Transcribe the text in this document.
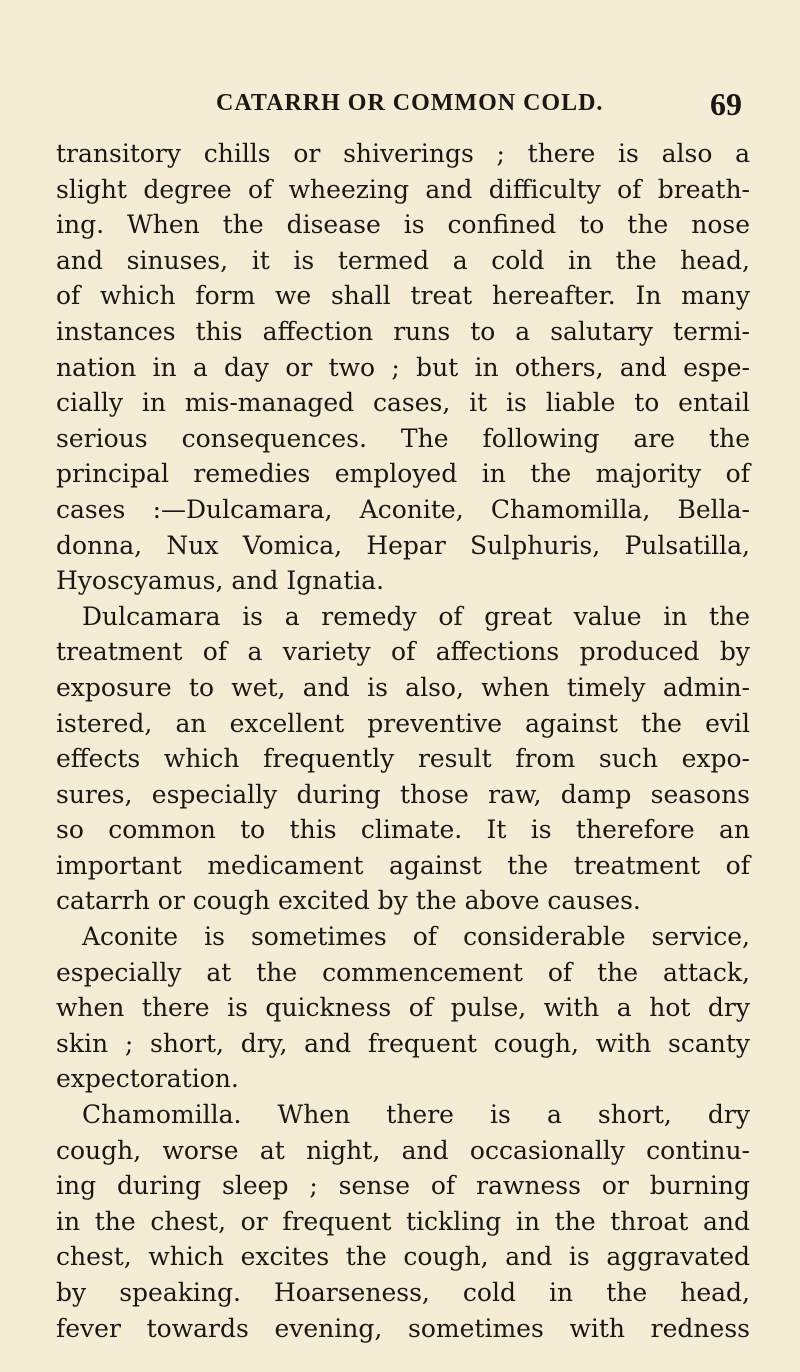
CATARRH OR COMMON COLD.	69
transitory chills or shiverings ; there is also a
slight degree of wheezing and difficulty of breath-
ing. When the disease is confined to the nose
and sinuses, it is termed a cold in the head,
of which form we shall treat hereafter. In many
instances this affection runs to a salutary termi-
nation in a day or two ; but in others, and espe-
cially in mis-managed cases, it is liable to entail
serious consequences. The following are the
principal remedies employed in the majority of
cases :—Dulcamara, Aconite, Chamomilla, Bella-
donna, Nux Vomica, Hepar Sulphuris, Pulsatilla,
Hyoscyamus, and Ignatia.
Dulcamara is a remedy of great value in the
treatment of a variety of affections produced by
exposure to wet, and is also, when timely admin-
istered, an excellent preventive against the evil
effects which frequently result from such expo-
sures, especially during those raw, damp seasons
so common to this climate. It is therefore an
important medicament against the treatment of
catarrh or cough excited by the above causes.
Aconite is sometimes of considerable service,
especially at the commencement of the attack,
when there is quickness of pulse, with a hot dry
skin ; short, dry, and frequent cough, with scanty
expectoration.
Chamomilla. When there is a short, dry
cough, worse at night, and occasionally continu-
ing during sleep ; sense of rawness or burning
in the chest, or frequent tickling in the throat and
chest, which excites the cough, and is aggravated
by speaking. Hoarseness, cold in the head,
fever towards evening, sometimes with redness
